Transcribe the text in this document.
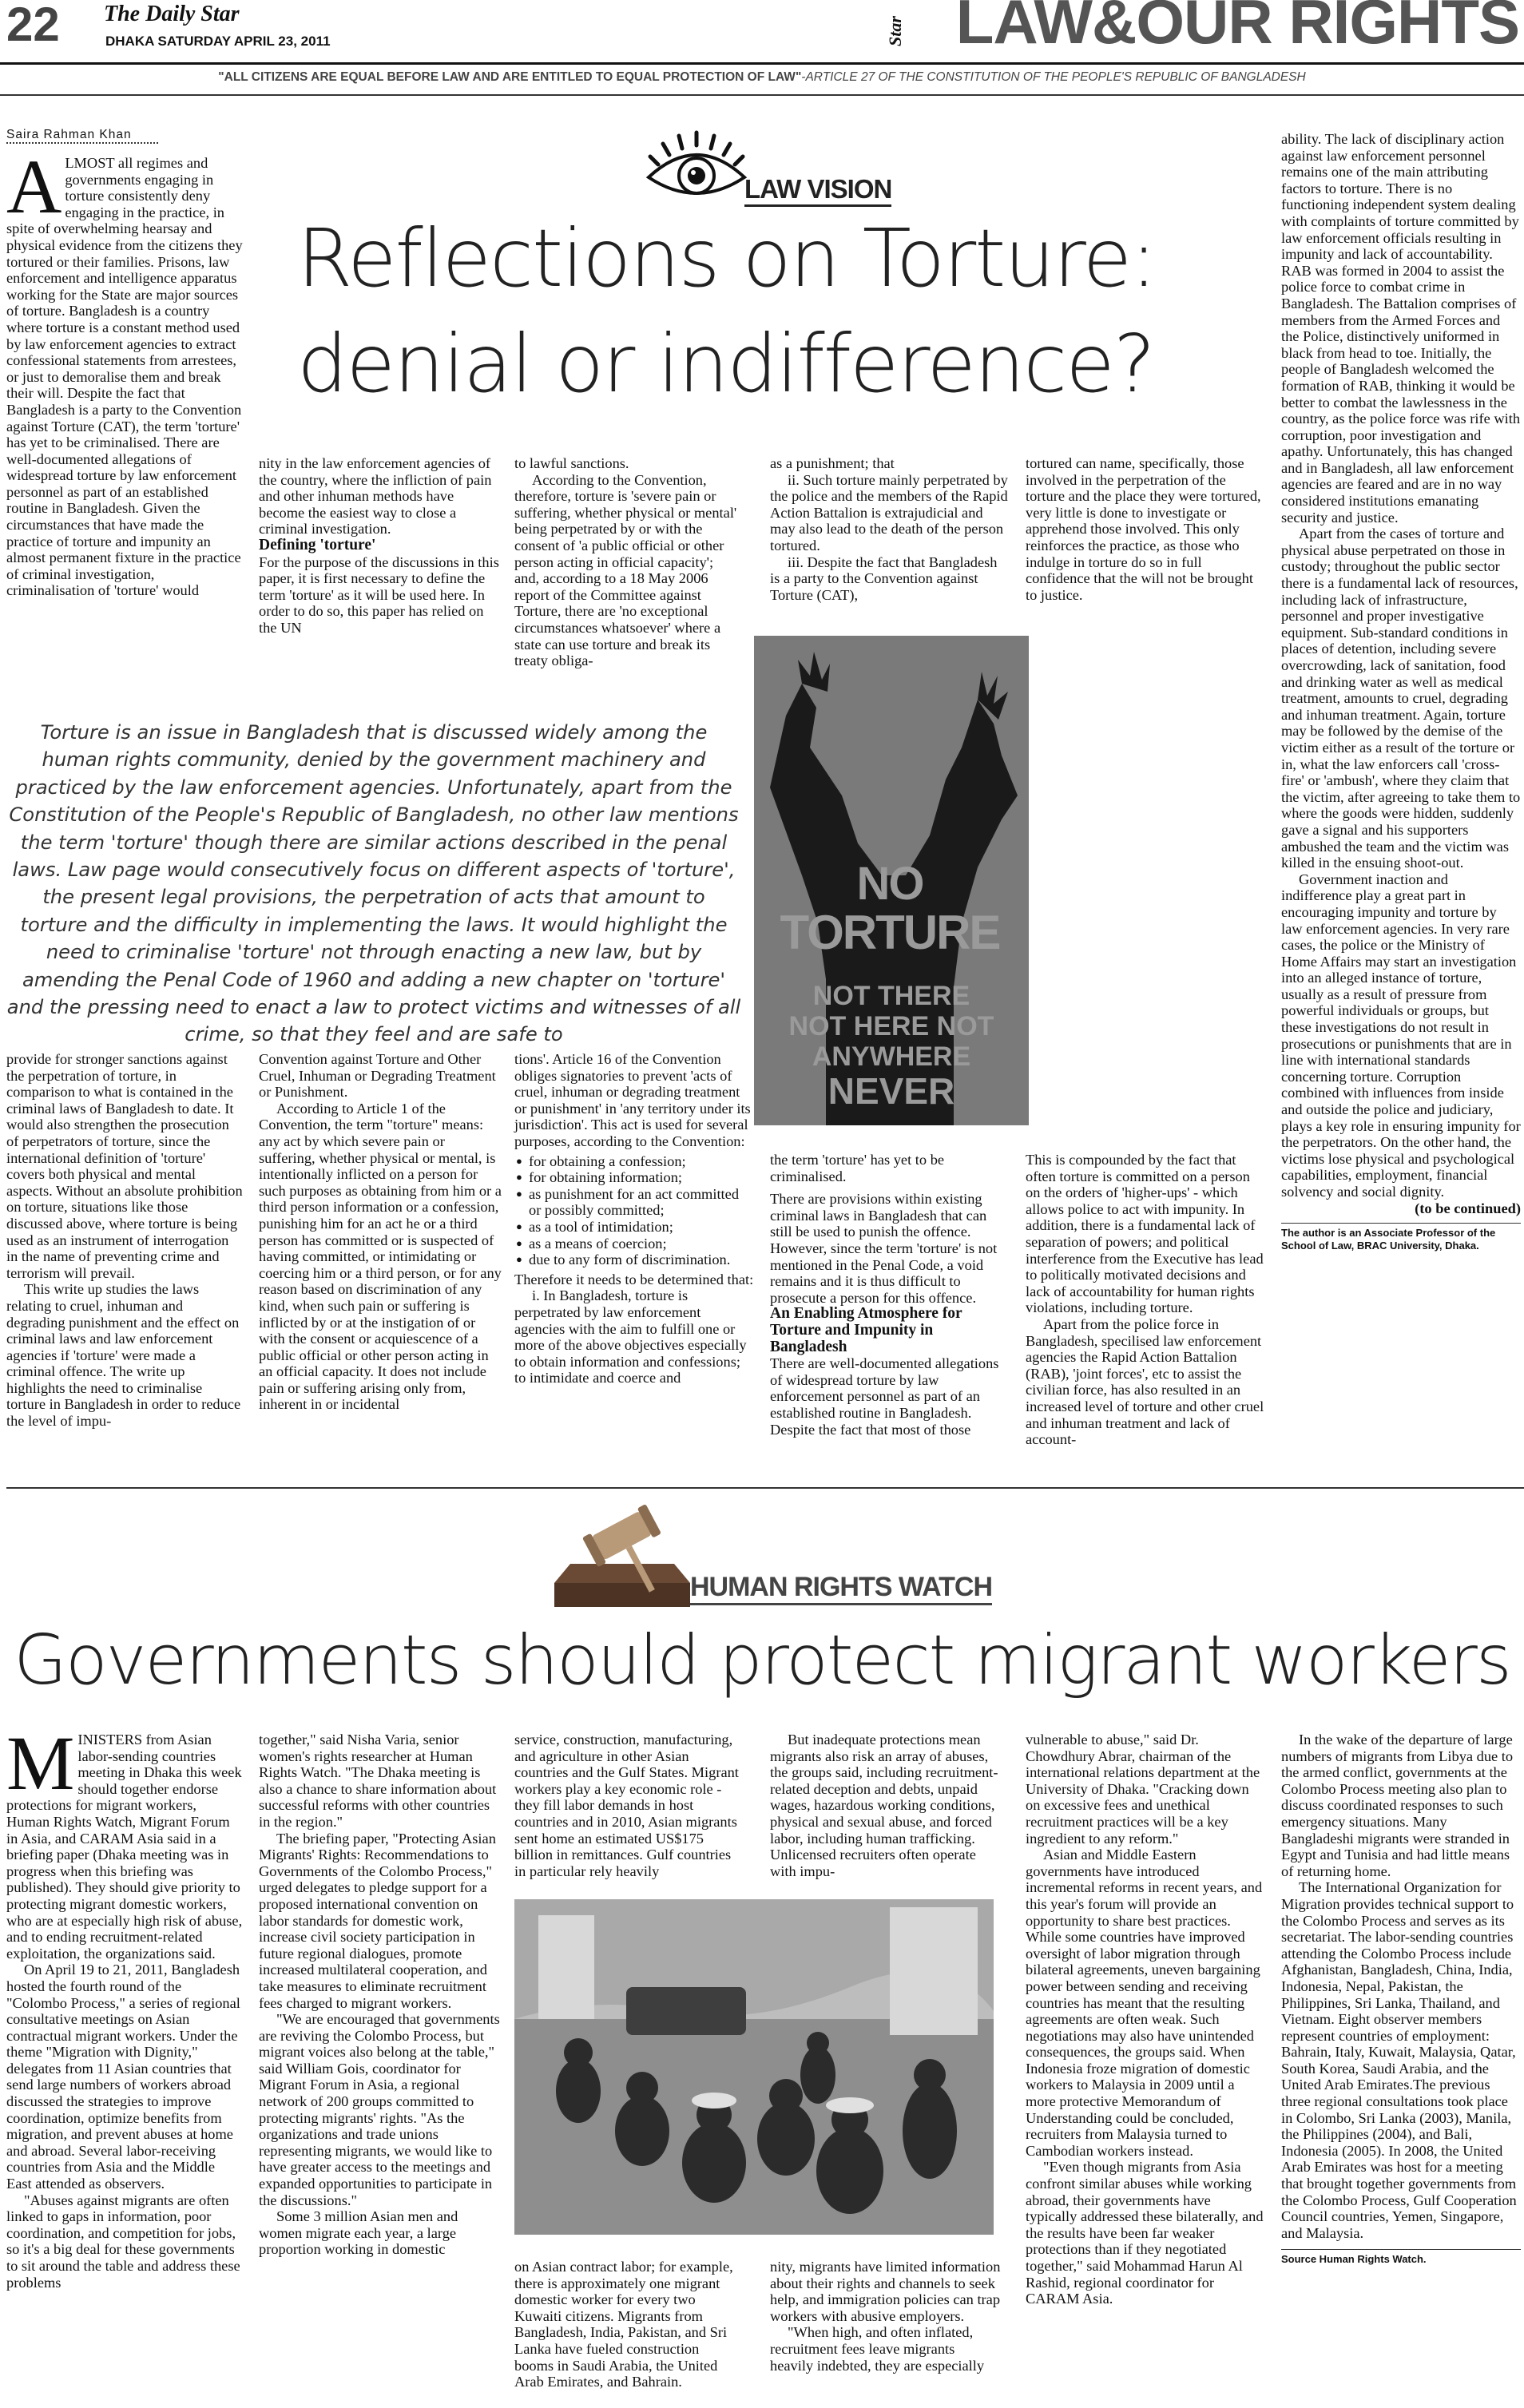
22 The Daily Star
DHAKA SATURDAY APRIL 23, 2011	Star LAW&OUR RIGHTS
"ALL CITIZENS ARE EQUAL BEFORE LAW AND ARE ENTITLED TO EQUAL PROTECTION OF LAW"-ARTICLE 27 OF THE CONSTITUTION OF THE PEOPLE'S REPUBLIC OF BANGLADESH
Saira Rahman Khan
LAW VISION
Reflections on Torture: denial or indifference?
ALMOST all regimes and governments engaging in torture consistently deny engaging in the practice, in spite of overwhelming hearsay and physical evidence from the citizens they tortured or their families. Prisons, law enforcement and intelligence apparatus working for the State are major sources of torture. Bangladesh is a country where torture is a constant method used by law enforcement agencies to extract confessional statements from arrestees, or just to demoralise them and break their will. Despite the fact that Bangladesh is a party to the Convention against Torture (CAT), the term 'torture' has yet to be criminalised. There are well-documented allegations of widespread torture by law enforcement personnel as part of an established routine in Bangladesh. Given the circumstances that have made the practice of torture and impunity an almost permanent fixture in the practice of criminal investigation, criminalisation of 'torture' would

nity in the law enforcement agencies of the country, where the infliction of pain and other inhuman methods have become the easiest way to close a criminal investigation.

Defining 'torture'

For the purpose of the discussions in this paper, it is first necessary to define the term 'torture' as it will be used here. In order to do so, this paper has relied on the UN

to lawful sanctions.

According to the Convention, therefore, torture is 'severe pain or suffering, whether physical or mental' being perpetrated by or with the consent of 'a public official or other person acting in official capacity'; and, according to a 18 May 2006 report of the Committee against Torture, there are 'no exceptional circumstances whatsoever' where a state can use torture and break its treaty obliga-

as a punishment; that

ii. Such torture mainly perpetrated by the police and the members of the Rapid Action Battalion is extrajudicial and may also lead to the death of the person tortured.

iii. Despite the fact that Bangladesh is a party to the Convention against Torture (CAT),

tortured can name, specifically, those involved in the perpetration of the torture and the place they were tortured, very little is done to investigate or apprehend those involved. This only reinforces the practice, as those who indulge in torture do so in full confidence that the will not be brought to justice.

Torture is an issue in Bangladesh that is discussed widely among the human rights community, denied by the government machinery and practiced by the law enforcement agencies. Unfortunately, apart from the Constitution of the People's Republic of Bangladesh, no other law mentions the term 'torture' though there are similar actions described in the penal laws. Law page would consecutively focus on different aspects of 'torture', the present legal provisions, the perpetration of acts that amount to torture and the difficulty in implementing the laws. It would highlight the need to criminalise 'torture' not through enacting a new law, but by amending the Penal Code of 1960 and adding a new chapter on 'torture' and the pressing need to enact a law to protect victims and witnesses of all crime, so that they feel and are safe to
NO
TORTURE
NOT THERE
NOT HERE NOT
ANYWHERE
NEVER

ability. The lack of disciplinary action against law enforcement personnel remains one of the main attributing factors to torture. There is no functioning independent system dealing with complaints of torture committed by law enforcement officials resulting in impunity and lack of accountability. RAB was formed in 2004 to assist the police force to combat crime in Bangladesh. The Battalion comprises of members from the Armed Forces and the Police, distinctively uniformed in black from head to toe. Initially, the people of Bangladesh welcomed the formation of RAB, thinking it would be better to combat the lawlessness in the country, as the police force was rife with corruption, poor investigation and apathy. Unfortunately, this has changed and in Bangladesh, all law enforcement agencies are feared and are in no way considered institutions emanating security and justice.

Apart from the cases of torture and physical abuse perpetrated on those in custody; throughout the public sector there is a fundamental lack of resources, including lack of infrastructure, personnel and proper investigative equipment. Sub-standard conditions in places of detention, including severe overcrowding, lack of sanitation, food and drinking water as well as medical treatment, amounts to cruel, degrading and inhuman treatment. Again, torture may be followed by the demise of the victim either as a result of the torture or in, what the law enforcers call 'cross-fire' or 'ambush', where they claim that the victim, after agreeing to take them to where the goods were hidden, suddenly gave a signal and his supporters ambushed the team and the victim was killed in the ensuing shoot-out.

Government inaction and indifference play a great part in encouraging impunity and torture by law enforcement agencies. In very rare cases, the police or the Ministry of Home Affairs may start an investigation into an alleged instance of torture, usually as a result of pressure from powerful individuals or groups, but these investigations do not result in prosecutions or punishments that are in line with international standards concerning torture. Corruption combined with influences from inside and outside the police and judiciary, plays a key role in ensuring impunity for the perpetrators. On the other hand, the victims lose physical and psychological capabilities, employment, financial solvency and social dignity.

(to be continued)

The author is an Associate Professor of the School of Law, BRAC University, Dhaka.

provide for stronger sanctions against the perpetration of torture, in comparison to what is contained in the criminal laws of Bangladesh to date. It would also strengthen the prosecution of perpetrators of torture, since the international definition of 'torture' covers both physical and mental aspects. Without an absolute prohibition on torture, situations like those discussed above, where torture is being used as an instrument of interrogation in the name of preventing crime and terrorism will prevail.

This write up studies the laws relating to cruel, inhuman and degrading punishment and the effect on criminal laws and law enforcement agencies if 'torture' were made a criminal offence. The write up highlights the need to criminalise torture in Bangladesh in order to reduce the level of impu-

Convention against Torture and Other Cruel, Inhuman or Degrading Treatment or Punishment.

According to Article 1 of the Convention, the term "torture" means: any act by which severe pain or suffering, whether physical or mental, is intentionally inflicted on a person for such purposes as obtaining from him or a third person information or a confession, punishing him for an act he or a third person has committed or is suspected of having committed, or intimidating or coercing him or a third person, or for any reason based on discrimination of any kind, when such pain or suffering is inflicted by or at the instigation of or with the consent or acquiescence of a public official or other person acting in an official capacity. It does not include pain or suffering arising only from, inherent in or incidental

tions'. Article 16 of the Convention obliges signatories to prevent 'acts of cruel, inhuman or degrading treatment or punishment' in 'any territory under its jurisdiction'. This act is used for several purposes, according to the Convention:

● for obtaining a confession;
● for obtaining information;
● as punishment for an act committed or possibly committed;
● as a tool of intimidation;
● as a means of coercion;
● due to any form of discrimination.

Therefore it needs to be determined that:

i. In Bangladesh, torture is perpetrated by law enforcement agencies with the aim to fulfill one or more of the above objectives especially to obtain information and confessions; to intimidate and coerce and

the term 'torture' has yet to be criminalised.

There are provisions within existing criminal laws in Bangladesh that can still be used to punish the offence. However, since the term 'torture' is not mentioned in the Penal Code, a void remains and it is thus difficult to prosecute a person for this offence.

An Enabling Atmosphere for Torture and Impunity in Bangladesh

There are well-documented allegations of widespread torture by law enforcement personnel as part of an established routine in Bangladesh. Despite the fact that most of those

This is compounded by the fact that often torture is committed on a person on the orders of 'higher-ups' - which allows police to act with impunity. In addition, there is a fundamental lack of separation of powers; and political interference from the Executive has lead to politically motivated decisions and lack of accountability for human rights violations, including torture.

Apart from the police force in Bangladesh, specilised law enforcement agencies the Rapid Action Battalion (RAB), 'joint forces', etc to assist the civilian force, has also resulted in an increased level of torture and other cruel and inhuman treatment and lack of account-

HUMAN RIGHTS WATCH
Governments should protect migrant workers
MINISTERS from Asian labor-sending countries meeting in Dhaka this week should together endorse protections for migrant workers, Human Rights Watch, Migrant Forum in Asia, and CARAM Asia said in a briefing paper (Dhaka meeting was in progress when this briefing was published). They should give priority to protecting migrant domestic workers, who are at especially high risk of abuse, and to ending recruitment-related exploitation, the organizations said.

On April 19 to 21, 2011, Bangladesh hosted the fourth round of the "Colombo Process," a series of regional consultative meetings on Asian contractual migrant workers. Under the theme "Migration with Dignity," delegates from 11 Asian countries that send large numbers of workers abroad discussed the strategies to improve coordination, optimize benefits from migration, and prevent abuses at home and abroad. Several labor-receiving countries from Asia and the Middle East attended as observers.

"Abuses against migrants are often linked to gaps in information, poor coordination, and competition for jobs, so it's a big deal for these governments to sit around the table and address these problems

together," said Nisha Varia, senior women's rights researcher at Human Rights Watch. "The Dhaka meeting is also a chance to share information about successful reforms with other countries in the region."

The briefing paper, "Protecting Asian Migrants' Rights: Recommendations to Governments of the Colombo Process," urged delegates to pledge support for a proposed international convention on labor standards for domestic work, increase civil society participation in future regional dialogues, promote increased multilateral cooperation, and take measures to eliminate recruitment fees charged to migrant workers.

"We are encouraged that governments are reviving the Colombo Process, but migrant voices also belong at the table," said William Gois, coordinator for Migrant Forum in Asia, a regional network of 200 groups committed to protecting migrants' rights. "As the organizations and trade unions representing migrants, we would like to have greater access to the meetings and expanded opportunities to participate in the discussions."

Some 3 million Asian men and women migrate each year, a large proportion working in domestic

service, construction, manufacturing, and agriculture in other Asian countries and the Gulf States. Migrant workers play a key economic role - they fill labor demands in host countries and in 2010, Asian migrants sent home an estimated US$175 billion in remittances. Gulf countries in particular rely heavily

But inadequate protections mean migrants also risk an array of abuses, the groups said, including recruitment-related deception and debts, unpaid wages, hazardous working conditions, physical and sexual abuse, and forced labor, including human trafficking. Unlicensed recruiters often operate with impu-

on Asian contract labor; for example, there is approximately one migrant domestic worker for every two Kuwaiti citizens. Migrants from Bangladesh, India, Pakistan, and Sri Lanka have fueled construction booms in Saudi Arabia, the United Arab Emirates, and Bahrain.

nity, migrants have limited information about their rights and channels to seek help, and immigration policies can trap workers with abusive employers.

"When high, and often inflated, recruitment fees leave migrants heavily indebted, they are especially

vulnerable to abuse," said Dr. Chowdhury Abrar, chairman of the international relations department at the University of Dhaka. "Cracking down on excessive fees and unethical recruitment practices will be a key ingredient to any reform."

Asian and Middle Eastern governments have introduced incremental reforms in recent years, and this year's forum will provide an opportunity to share best practices. While some countries have improved oversight of labor migration through bilateral agreements, uneven bargaining power between sending and receiving countries has meant that the resulting agreements are often weak. Such negotiations may also have unintended consequences, the groups said. When Indonesia froze migration of domestic workers to Malaysia in 2009 until a more protective Memorandum of Understanding could be concluded, recruiters from Malaysia turned to Cambodian workers instead.

"Even though migrants from Asia confront similar abuses while working abroad, their governments have typically addressed these bilaterally, and the results have been far weaker protections than if they negotiated together," said Mohammad Harun Al Rashid, regional coordinator for CARAM Asia.

In the wake of the departure of large numbers of migrants from Libya due to the armed conflict, governments at the Colombo Process meeting also plan to discuss coordinated responses to such emergency situations. Many Bangladeshi migrants were stranded in Egypt and Tunisia and had little means of returning home.

The International Organization for Migration provides technical support to the Colombo Process and serves as its secretariat. The labor-sending countries attending the Colombo Process include Afghanistan, Bangladesh, China, India, Indonesia, Nepal, Pakistan, the Philippines, Sri Lanka, Thailand, and Vietnam. Eight observer members represent countries of employment: Bahrain, Italy, Kuwait, Malaysia, Qatar, South Korea, Saudi Arabia, and the United Arab Emirates.The previous three regional consultations took place in Colombo, Sri Lanka (2003), Manila, the Philippines (2004), and Bali, Indonesia (2005). In 2008, the United Arab Emirates was host for a meeting that brought together governments from the Colombo Process, Gulf Cooperation Council countries, Yemen, Singapore, and Malaysia.

Source Human Rights Watch.
